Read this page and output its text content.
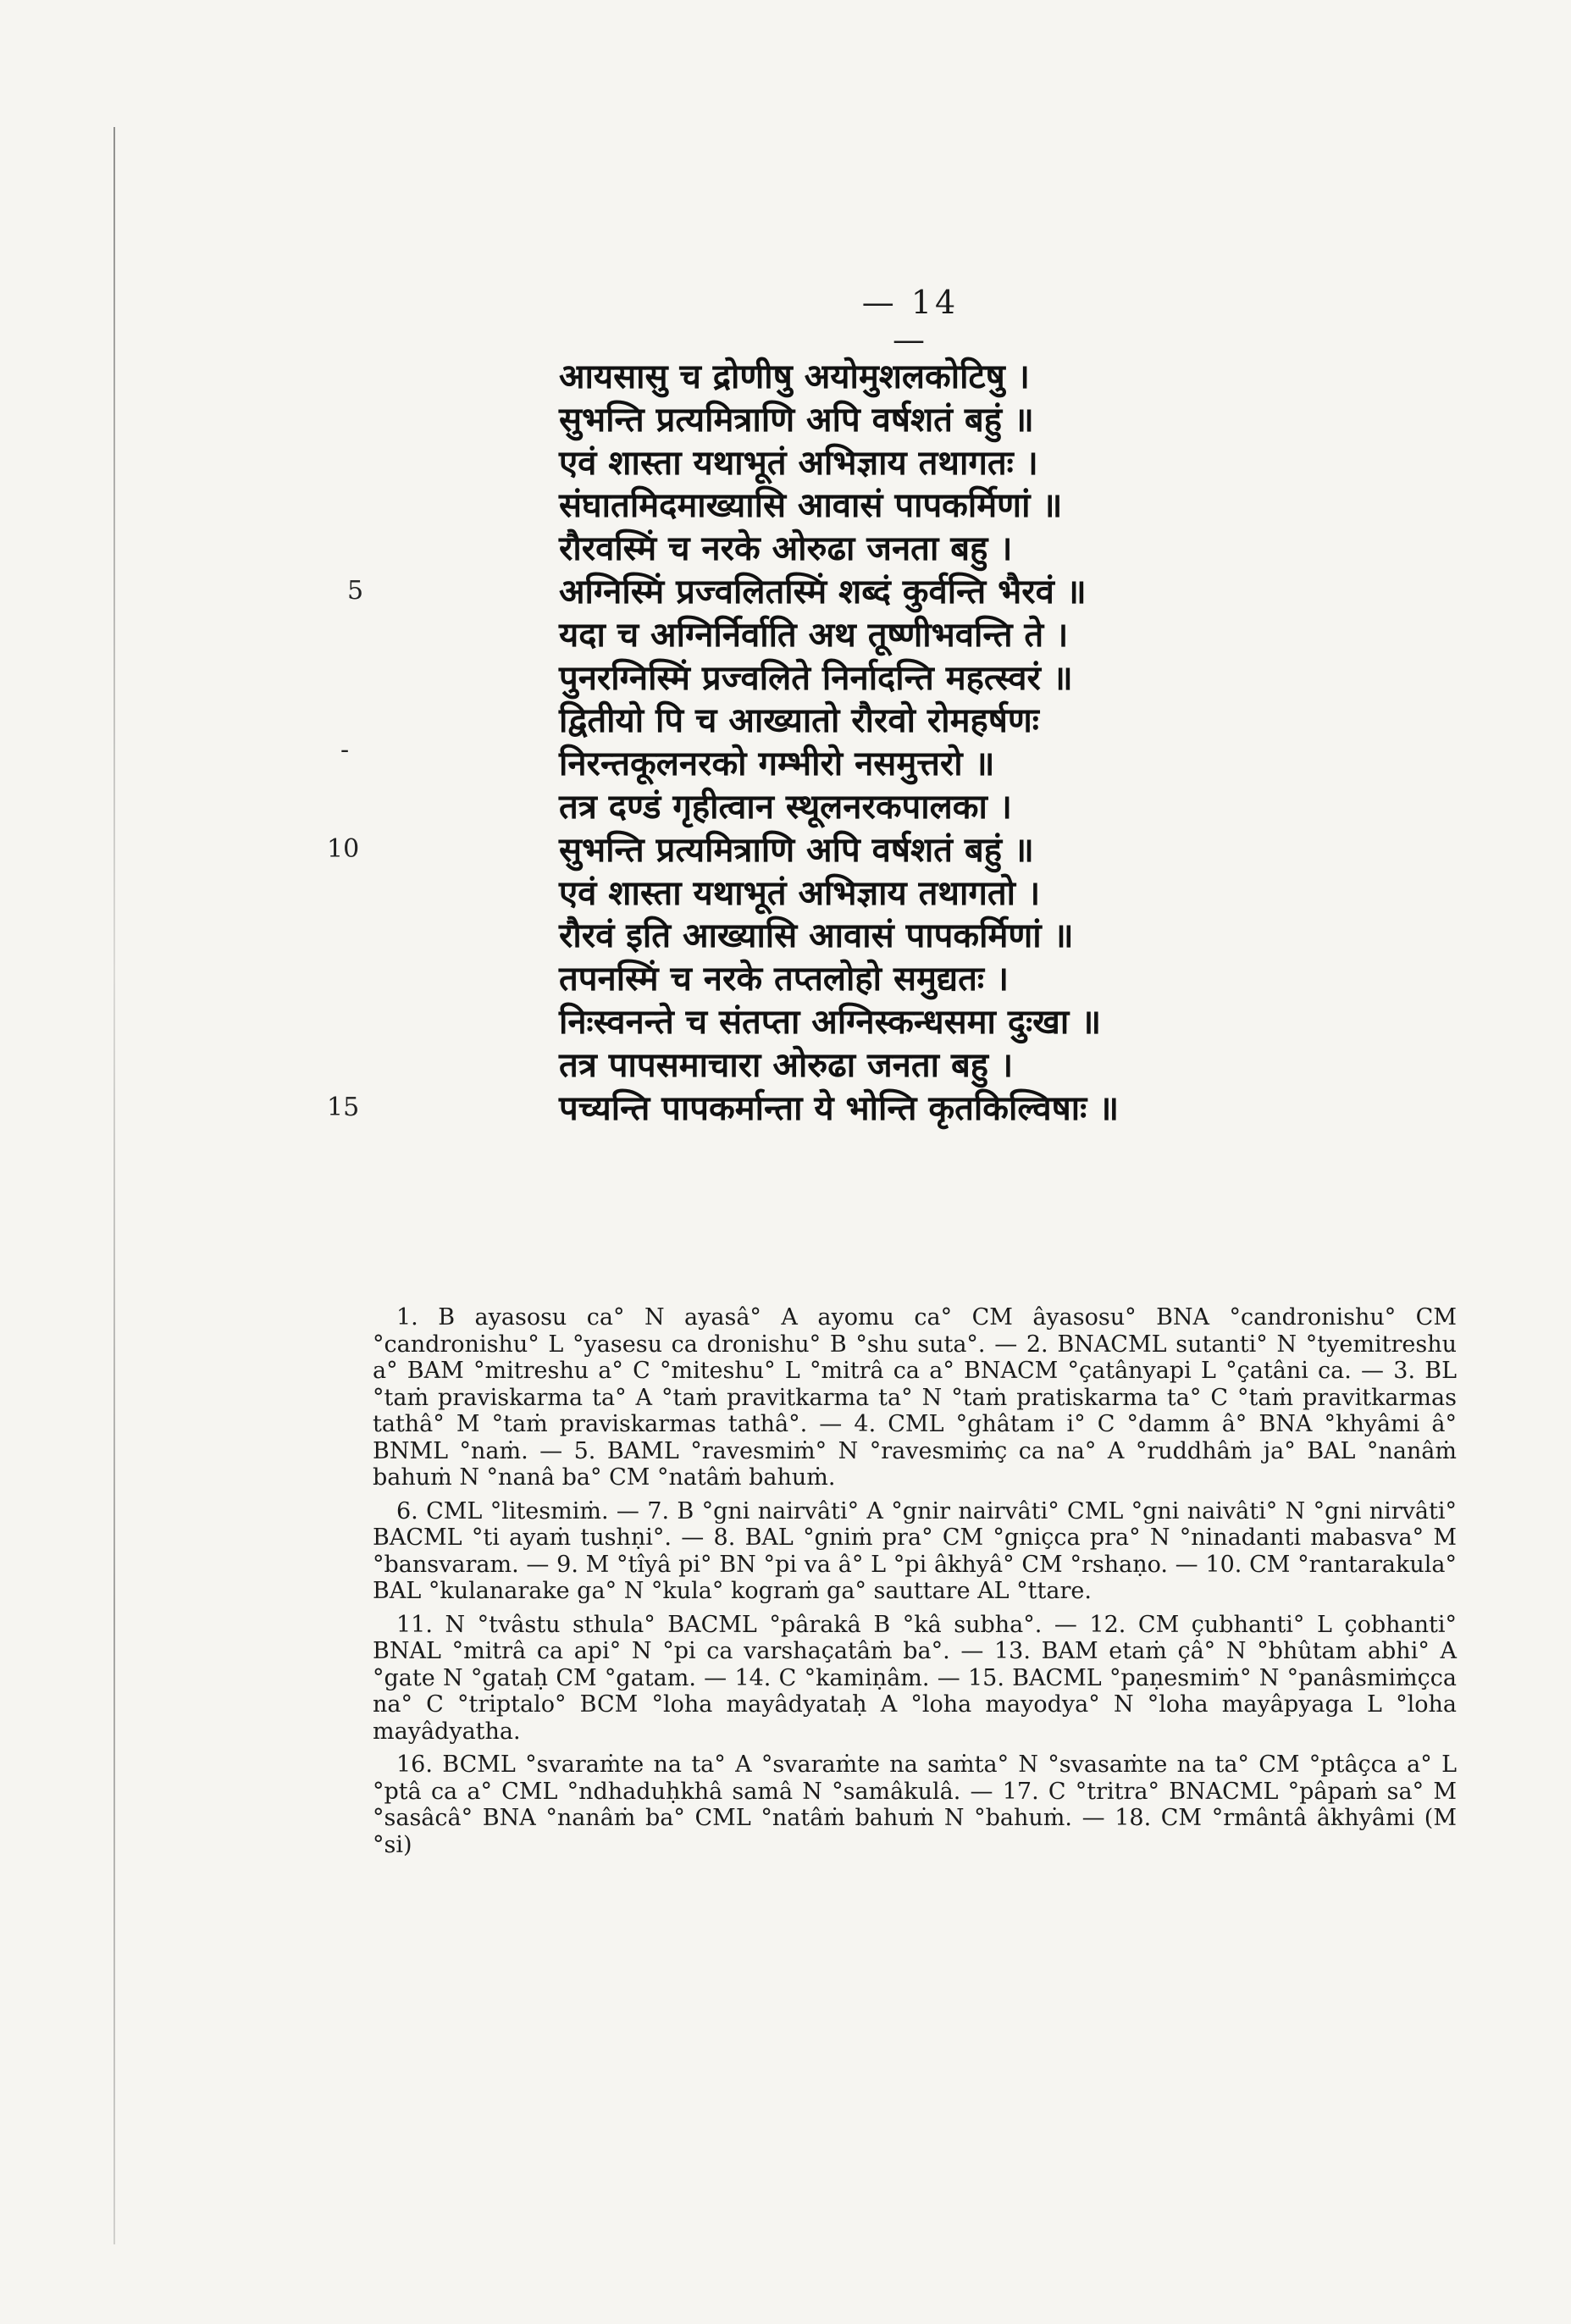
— 14 —
5
-
10
15
आयसासु च द्रोणीषु अयोमुशलकोटिषु ।
सुभन्ति प्रत्यमित्राणि अपि वर्षशतं बहुं ॥
एवं शास्ता यथाभूतं अभिज्ञाय तथागतः ।
संघातमिदमाख्यासि आवासं पापकर्मिणां ॥
रौरवस्मिं च नरके ओरुढा जनता बहु ।
अग्निस्मिं प्रज्वलितस्मिं शब्दं कुर्वन्ति भैरवं ॥
यदा च अग्निर्निर्वाति अथ तूष्णीभवन्ति ते ।
पुनरग्निस्मिं प्रज्वलिते निर्नादन्ति महत्स्वरं ॥
द्वितीयो पि च आख्यातो रौरवो रोमहर्षणः
निरन्तकूलनरको गम्भीरो नसमुत्तरो ॥
तत्र दण्डं गृहीत्वान स्थूलनरकपालका ।
सुभन्ति प्रत्यमित्राणि अपि वर्षशतं बहुं ॥
एवं शास्ता यथाभूतं अभिज्ञाय तथागतो ।
रौरवं इति आख्यासि आवासं पापकर्मिणां ॥
तपनस्मिं च नरके तप्तलोहो समुद्यतः ।
निःस्वनन्ते च संतप्ता अग्निस्कन्धसमा दुःखा ॥
तत्र पापसमाचारा ओरुढा जनता बहु ।
पच्यन्ति पापकर्मान्ता ये भोन्ति कृतकिल्विषाः ॥

1. B ayasosu ca° N ayasâ° A ayomu ca° CM âyasosu° BNA °candronishu° CM °candronishu° L °yasesu ca dronishu° B °shu suta°. — 2. BNACML sutanti° N °tyemitreshu a° BAM °mitreshu a° C °miteshu° L °mitrâ ca a° BNACM °çatânyapi L °çatâni ca. — 3. BL °taṁ praviskarma ta° A °taṁ pravitkarma ta° N °taṁ pratiskarma ta° C °taṁ pravitkarmas tathâ° M °taṁ praviskarmas tathâ°. — 4. CML °ghâtam i° C °damm â° BNA °khyâmi â° BNML °naṁ. — 5. BAML °ravesmiṁ° N °ravesmiṁç ca na° A °ruddhâṁ ja° BAL °nanâṁ bahuṁ N °nanâ ba° CM °natâṁ bahuṁ.

6. CML °litesmiṁ. — 7. B °gni nairvâti° A °gnir nairvâti° CML °gni naivâti° N °gni nirvâti° BACML °ti ayaṁ tushṇi°. — 8. BAL °gniṁ pra° CM °gniçca pra° N °ninadanti mabasva° M °bansvaram. — 9. M °tîyâ pi° BN °pi va â° L °pi âkhyâ° CM °rshaṇo. — 10. CM °rantarakula° BAL °kulanarake ga° N °kula° kograṁ ga° sauttare AL °ttare.

11. N °tvâstu sthula° BACML °pârakâ B °kâ subha°. — 12. CM çubhanti° L çobhanti° BNAL °mitrâ ca api° N °pi ca varshaçatâṁ ba°. — 13. BAM etaṁ çâ° N °bhûtam abhi° A °gate N °gataḥ CM °gatam. — 14. C °kamiṇâm. — 15. BACML °paṇesmiṁ° N °panâsmiṁçca na° C °triptalo° BCM °loha mayâdyataḥ A °loha mayodya° N °loha mayâpyaga L °loha mayâdyatha.

16. BCML °svaraṁte na ta° A °svaraṁte na saṁta° N °svasaṁte na ta° CM °ptâçca a° L °ptâ ca a° CML °ndhaduḥkhâ samâ N °samâkulâ. — 17. C °tritra° BNACML °pâpaṁ sa° M °sasâcâ° BNA °nanâṁ ba° CML °natâṁ bahuṁ N °bahuṁ. — 18. CM °rmântâ âkhyâmi (M °si)
